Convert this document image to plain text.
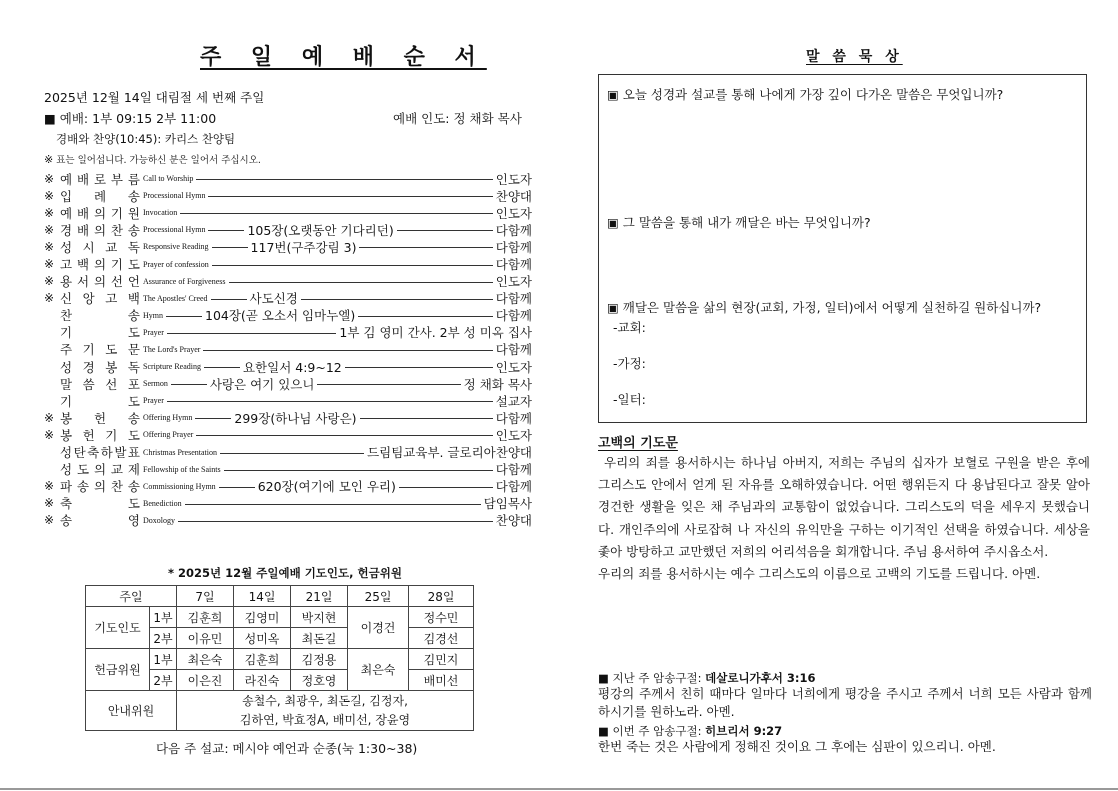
주 일 예 배 순 서
2025년 12월 14일 대림절 세 번째 주일
■ 예배: 1부 09:15 2부 11:00	예배 인도: 정 채화 목사
경배와 찬양(10:45): 카리스 찬양팀
※ 표는 일어섭니다. 가능하신 분은 일어서 주십시오.
※ 예 배 로 부 름 Call to Worship	인도자
※ 입 례 송 Processional Hymn	찬양대
※ 예 배 의 기 원 Invocation	인도자
※ 경 배 의 찬 송 Processional Hymn	105장(오랫동안 기다리던)	다함께
※ 성 시 교 독 Responsive Reading	117번(구주강림 3)	다함께
※ 고 백 의 기 도 Prayer of confession	다함께
※ 용 서 의 선 언 Assurance of Forgiveness	인도자
※ 신 앙 고 백 The Apostles' Creed	사도신경	다함께
찬	송 Hymn	104장(곧 오소서 임마누엘)	다함께
기	도 Prayer	1부 김 영미 간사. 2부 성 미옥 집사
주 기 도 문 The Lord's Prayer	다함께
성 경 봉 독 Scripture Reading	요한일서 4:9~12	인도자
말 씀 선 포 Sermon	사랑은 여기 있으니	정 채화 목사
기	도 Prayer	설교자
※ 봉 헌 송 Offering Hymn	299장(하나님 사랑은)	다함께
※ 봉 헌 기 도 Offering Prayer	인도자
성 탄 축 하 발 표 Christmas Presentation	드림팀교육부. 글로리아찬양대
성 도 의 교 제 Fellowship of the Saints	다함께
※ 파 송 의 찬 송 Commissioning Hymn	620장(여기에 모인 우리)	다함께
※ 축	도 Benediction	담임목사
※ 송	영 Doxology	찬양대
* 2025년 12월 주일예배 기도인도, 헌금위원
주일		7일	14일	21일	25일	28일
기도인도	1부	김훈희	김영미	박지현	이경건	정수민
	2부	이유민	성미옥	최돈길		김경선
헌금위원	1부	최은숙	김훈희	김정용	최은숙	김민지
	2부	이은진	라진숙	정호영		배미선
안내위원		송철수, 최광우, 최돈길, 김정자,
김하연, 박효정A, 배미선, 장윤영				
다음 주 설교: 메시야 예언과 순종(눅 1:30~38)
말 씀 묵 상
▣ 오늘 성경과 설교를 통해 나에게 가장 깊이 다가온 말씀은 무엇입니까?
▣ 그 말씀을 통해 내가 깨달은 바는 무엇입니까?
▣ 깨달은 말씀을 삶의 현장(교회, 가정, 일터)에서 어떻게 실천하길 원하십니까?
-교회:
-가정:
-일터:
고백의 기도문

우리의 죄를 용서하시는 하나님 아버지, 저희는 주님의 십자가 보혈로 구원을 받은 후에 그리스도 안에서 얻게 된 자유를 오해하였습니다. 어떤 행위든지 다 용납된다고 잘못 알아 경건한 생활을 잊은 채 주님과의 교통함이 없었습니다. 그리스도의 덕을 세우지 못했습니다. 개인주의에 사로잡혀 나 자신의 유익만을 구하는 이기적인 선택을 하였습니다. 세상을 좇아 방탕하고 교만했던 저희의 어리석음을 회개합니다. 주님 용서하여 주시옵소서.

우리의 죄를 용서하시는 예수 그리스도의 이름으로 고백의 기도를 드립니다. 아멘.
■ 지난 주 암송구절: 데살로니가후서 3:16
평강의 주께서 친히 때마다 일마다 너희에게 평강을 주시고 주께서 너희 모든 사람과 함께 하시기를 원하노라. 아멘.
■ 이번 주 암송구절: 히브리서 9:27
한번 죽는 것은 사람에게 정해진 것이요 그 후에는 심판이 있으리니. 아멘.
